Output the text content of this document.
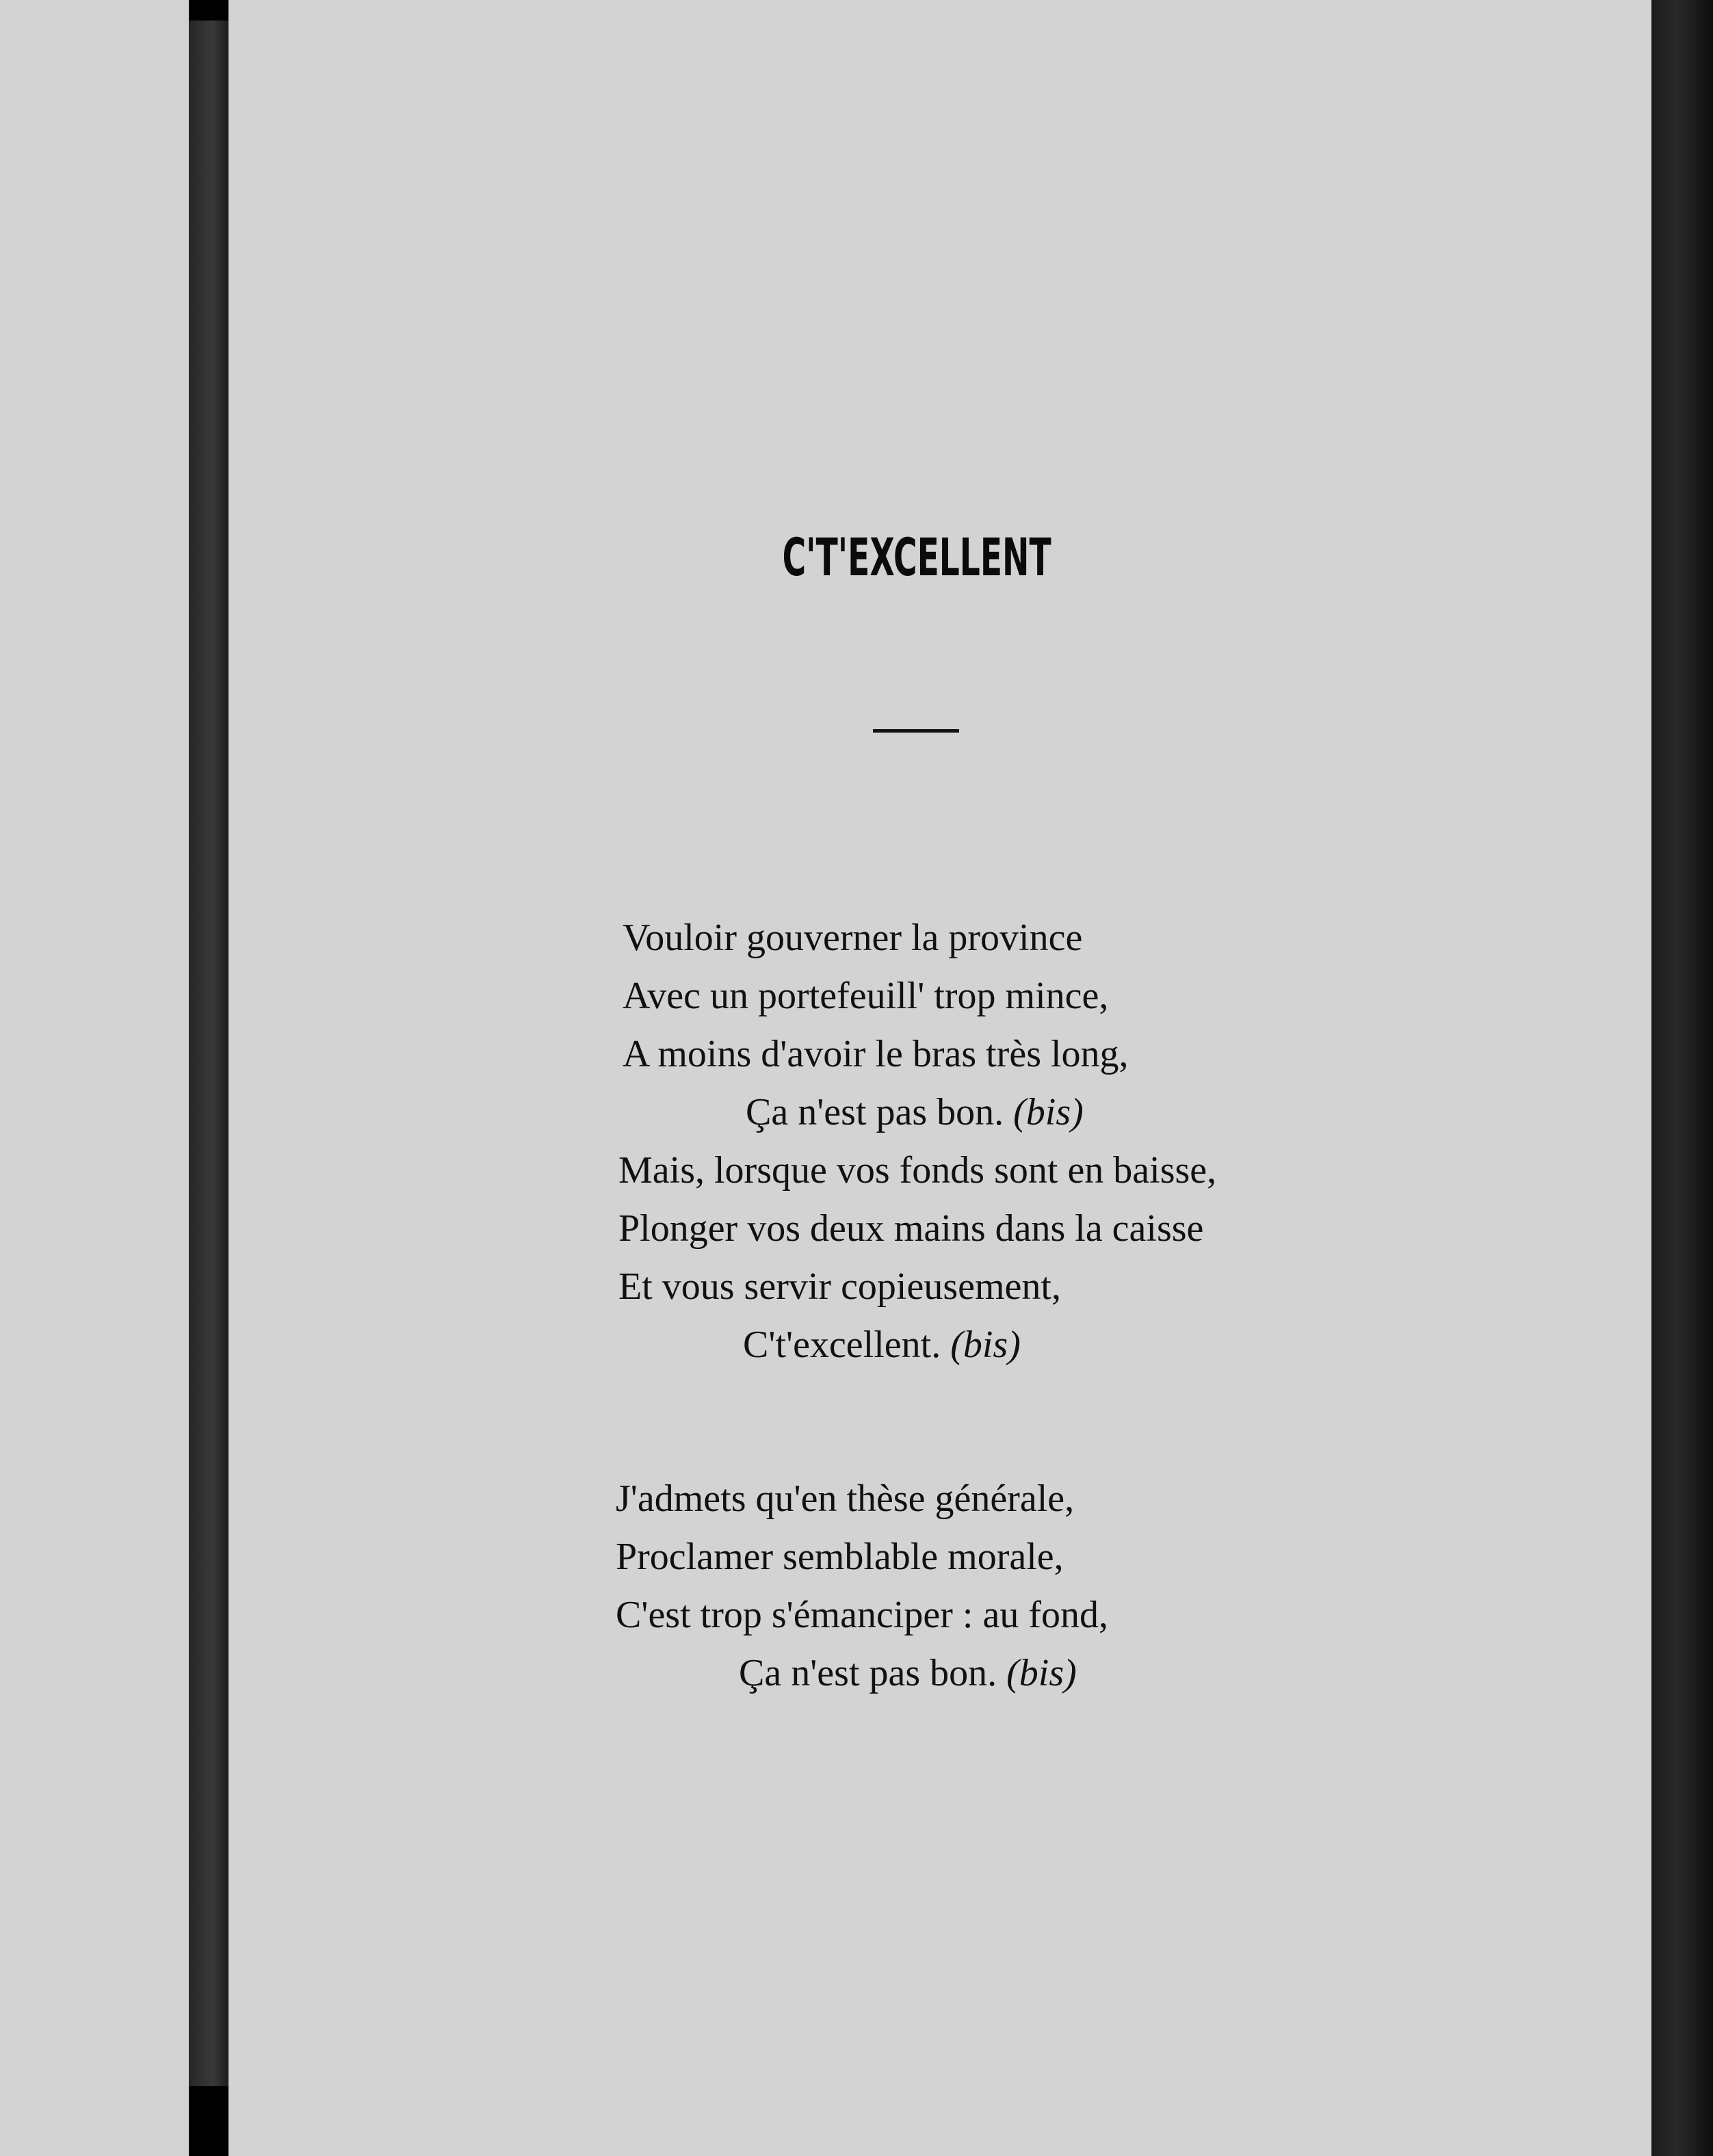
C'T'EXCELLENT
Vouloir gouverner la province
Avec un portefeuill' trop mince,
A moins d'avoir le bras très long,
Ça n'est pas bon. (bis)
Mais, lorsque vos fonds sont en baisse,
Plonger vos deux mains dans la caisse
Et vous servir copieusement,
C't'excellent. (bis)
J'admets qu'en thèse générale,
Proclamer semblable morale,
C'est trop s'émanciper : au fond,
Ça n'est pas bon. (bis)
